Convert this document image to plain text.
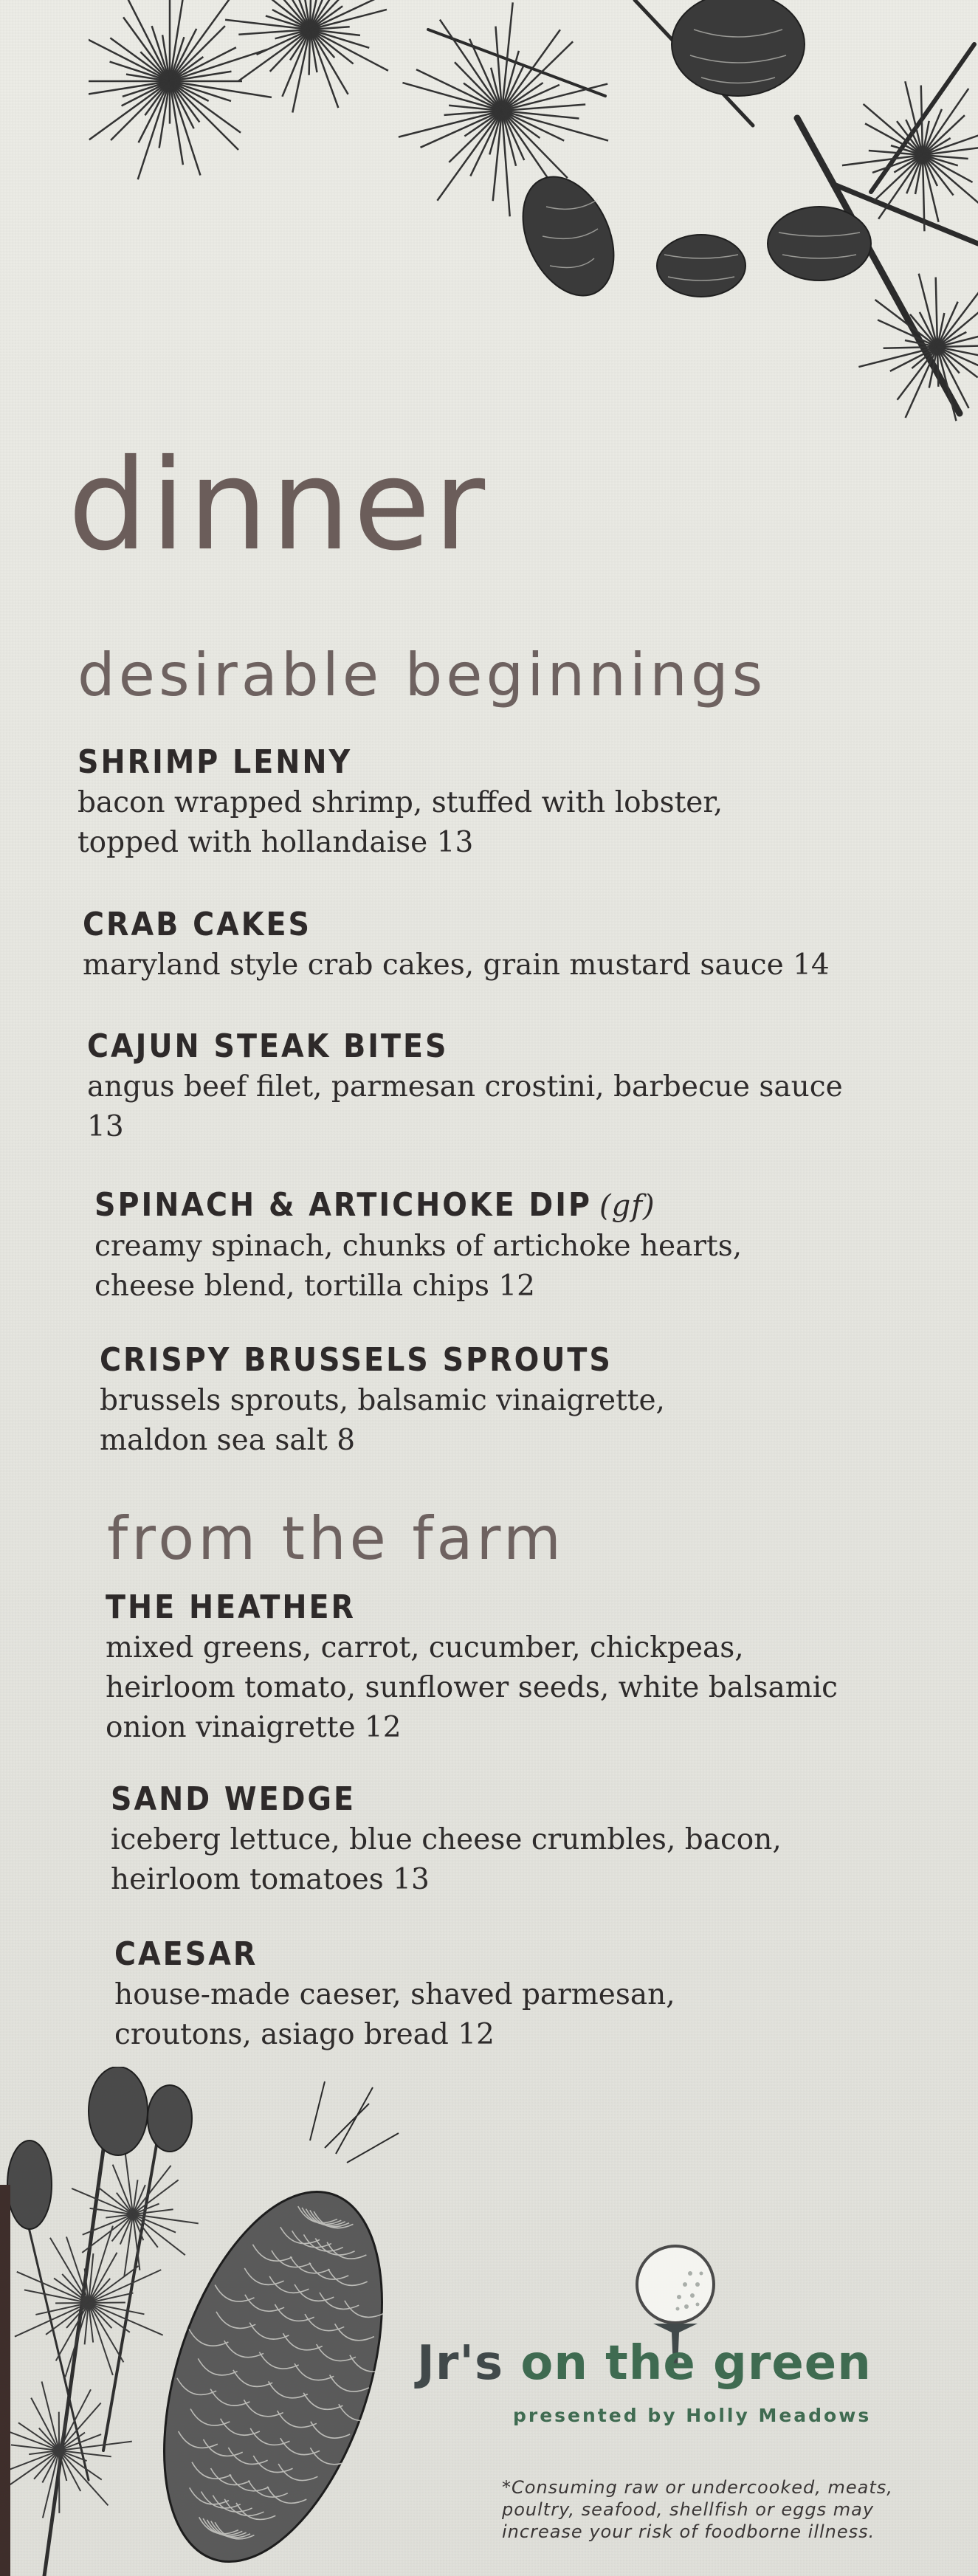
dinner
desirable beginnings
SHRIMP LENNY
bacon wrapped shrimp, stuffed with lobster,
topped with hollandaise 13
CRAB CAKES
maryland style crab cakes, grain mustard sauce 14
CAJUN STEAK BITES
angus beef filet, parmesan crostini, barbecue sauce
13
SPINACH & ARTICHOKE DIP (gf)
creamy spinach, chunks of artichoke hearts,
cheese blend, tortilla chips 12
CRISPY BRUSSELS SPROUTS
brussels sprouts, balsamic vinaigrette,
maldon sea salt 8
from the farm
THE HEATHER
mixed greens, carrot, cucumber, chickpeas,
heirloom tomato, sunflower seeds, white balsamic
onion vinaigrette 12
SAND WEDGE
iceberg lettuce, blue cheese crumbles, bacon,
heirloom tomatoes 13
CAESAR
house-made caeser, shaved parmesan,
croutons, asiago bread 12
Jr's on the green
presented by Holly Meadows
*Consuming raw or undercooked, meats,
poultry, seafood, shellfish or eggs may
increase your risk of foodborne illness.
